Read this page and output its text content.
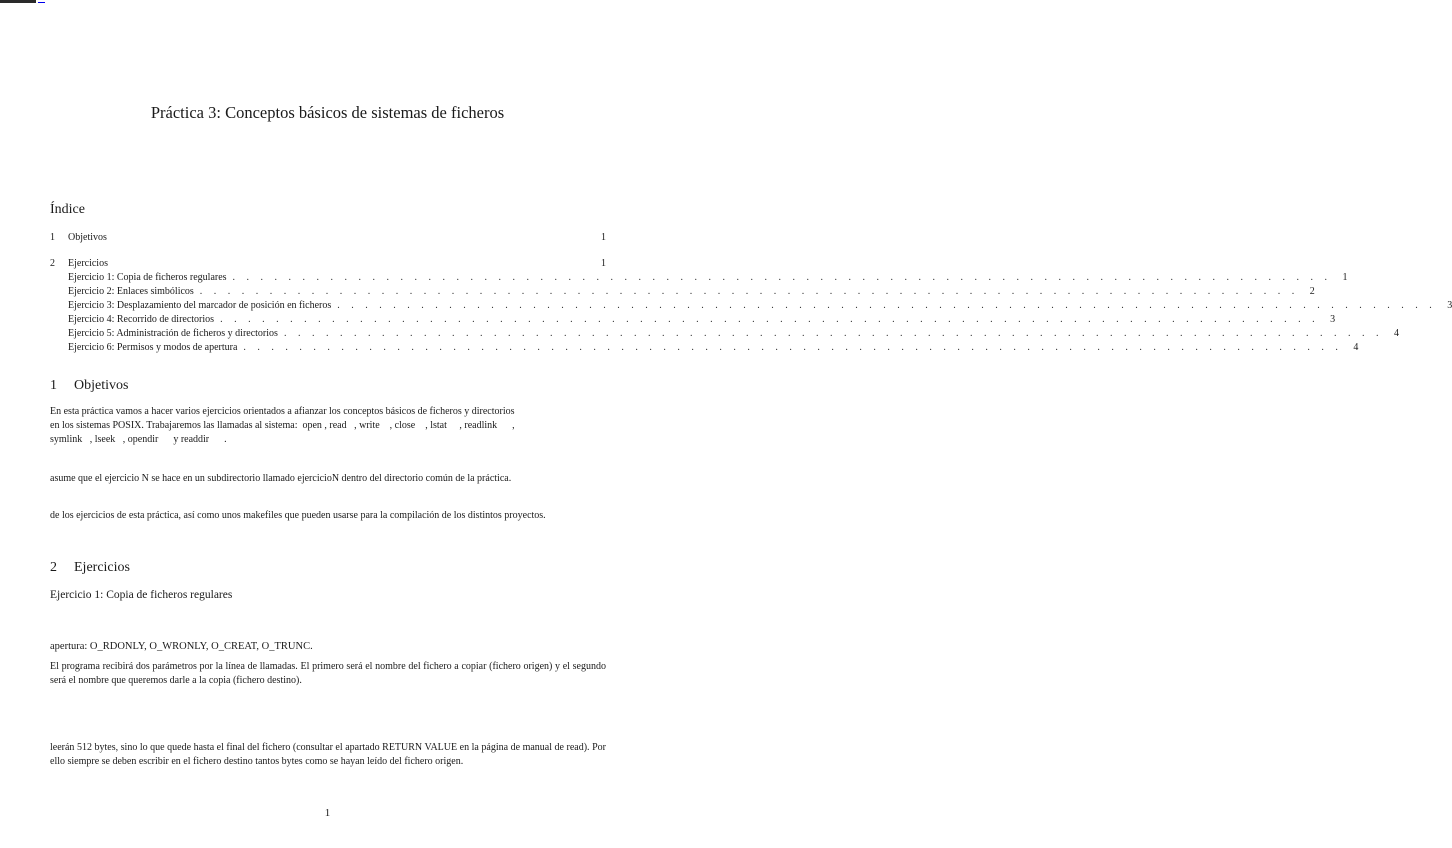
Práctica 3: Conceptos básicos de sistemas de ficheros
Índice
1	Objetivos	1
2	Ejercicios	1
Ejercicio 1: Copia de ficheros regulares . . . . . . . . . . . . . . . . . . . . . . . . . . . . . . . . . . . . . . . . . . . . . . . . . . . . . . . . . . . . . . . . . . . . . . . . . . . . . . .	1
Ejercicio 2: Enlaces simbólicos . . . . . . . . . . . . . . . . . . . . . . . . . . . . . . . . . . . . . . . . . . . . . . . . . . . . . . . . . . . . . . . . . . . . . . . . . . . . . . .	2
Ejercicio 3: Desplazamiento del marcador de posición en ficheros . . . . . . . . . . . . . . . . . . . . . . . . . . . . . . . . . . . . . . . . . . . . . . . . . . . . . . . . . . . . . . . . . . . . . . . . . . . . . . .	3
Ejercicio 4: Recorrido de directorios . . . . . . . . . . . . . . . . . . . . . . . . . . . . . . . . . . . . . . . . . . . . . . . . . . . . . . . . . . . . . . . . . . . . . . . . . . . . . . .	3
Ejercicio 5: Administración de ficheros y directorios . . . . . . . . . . . . . . . . . . . . . . . . . . . . . . . . . . . . . . . . . . . . . . . . . . . . . . . . . . . . . . . . . . . . . . . . . . . . . . .	4
Ejercicio 6: Permisos y modos de apertura . . . . . . . . . . . . . . . . . . . . . . . . . . . . . . . . . . . . . . . . . . . . . . . . . . . . . . . . . . . . . . . . . . . . . . . . . . . . . . .	4
1 Objetivos
En esta práctica vamos a hacer varios ejercicios orientados a afianzar los conceptos básicos de ficheros y directorios
en los sistemas POSIX. Trabajaremos las llamadas al sistema:  open , read   , write    , close    , lstat     , readlink      ,
symlink   , lseek   , opendir      y readdir      .
asume que el ejercicio N se hace en un subdirectorio llamado ejercicioN dentro del directorio común de la práctica.
de los ejercicios de esta práctica, así como unos makefiles que pueden usarse para la compilación de los distintos proyectos.
2 Ejercicios
Ejercicio 1: Copia de ficheros regulares
apertura: O_RDONLY, O_WRONLY, O_CREAT, O_TRUNC.
El programa recibirá dos parámetros por la línea de llamadas. El primero será el nombre del fichero a copiar (fichero origen) y el segundo será el nombre que queremos darle a la copia (fichero destino).
leerán 512 bytes, sino lo que quede hasta el final del fichero (consultar el apartado RETURN VALUE en la página de manual de read). Por ello siempre se deben escribir en el fichero destino tantos bytes como se hayan leído del fichero origen.
1
